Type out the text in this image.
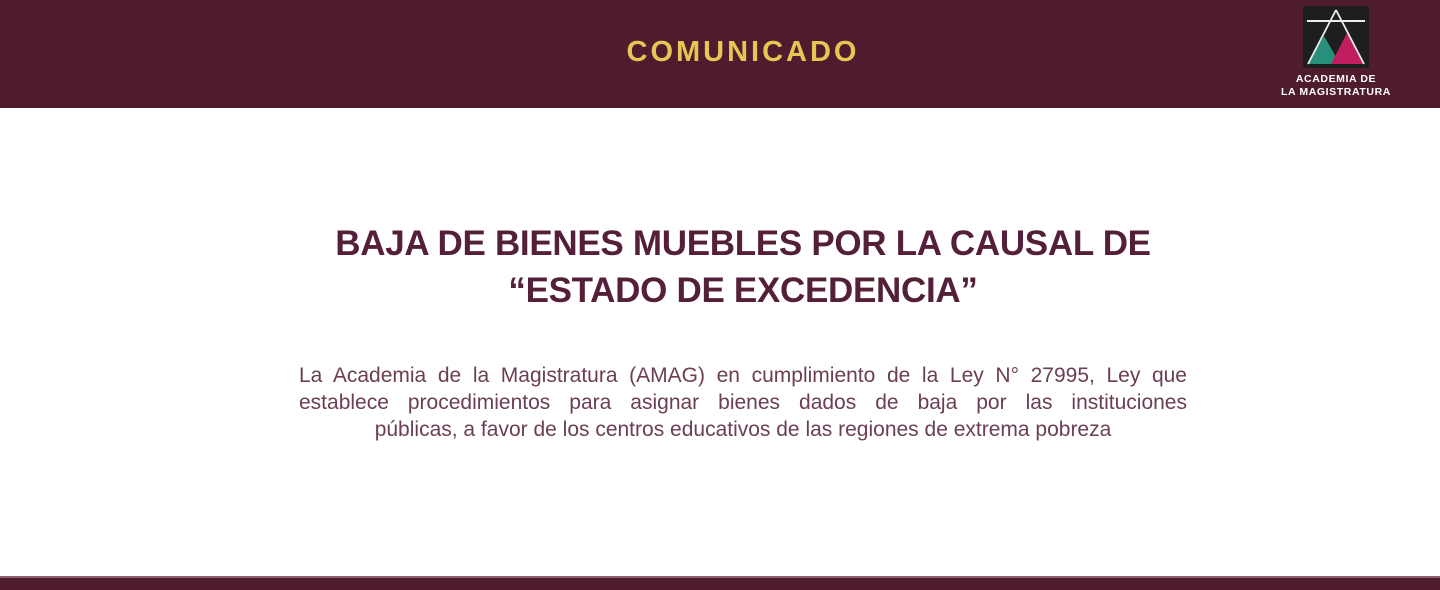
COMUNICADO
ACADEMIA DE
LA MAGISTRATURA
BAJA DE BIENES MUEBLES POR LA CAUSAL DE
“ESTADO DE EXCEDENCIA”
La Academia de la Magistratura (AMAG) en cumplimiento de la Ley N° 27995, Ley que
establece procedimientos para asignar bienes dados de baja por las instituciones
públicas, a favor de los centros educativos de las regiones de extrema pobreza
